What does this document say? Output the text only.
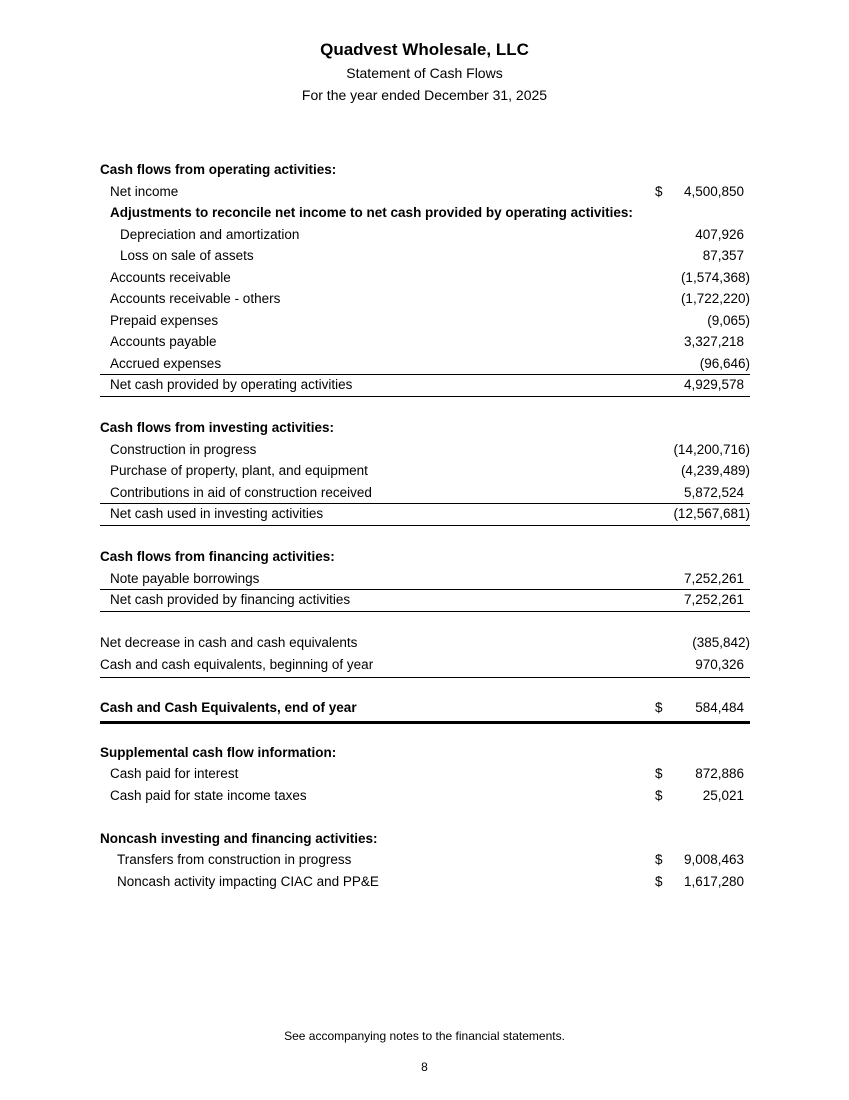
Quadvest Wholesale, LLC
Statement of Cash Flows
For the year ended December 31, 2025
Cash flows from operating activities:
Net income	$ 4,500,850
Adjustments to reconcile net income to net cash provided by operating activities:
Depreciation and amortization	407,926
Loss on sale of assets	87,357
Accounts receivable	(1,574,368)
Accounts receivable - others	(1,722,220)
Prepaid expenses	(9,065)
Accounts payable	3,327,218
Accrued expenses	(96,646)
Net cash provided by operating activities	4,929,578
Cash flows from investing activities:
Construction in progress	(14,200,716)
Purchase of property, plant, and equipment	(4,239,489)
Contributions in aid of construction received	5,872,524
Net cash used in investing activities	(12,567,681)
Cash flows from financing activities:
Note payable borrowings	7,252,261
Net cash provided by financing activities	7,252,261
Net decrease in cash and cash equivalents	(385,842)
Cash and cash equivalents, beginning of year	970,326
Cash and Cash Equivalents, end of year	$ 584,484
Supplemental cash flow information:
Cash paid for interest	$ 872,886
Cash paid for state income taxes	$	25,021
Noncash investing and financing activities:
Transfers from construction in progress	$ 9,008,463
Noncash activity impacting CIAC and PP&E	$ 1,617,280
See accompanying notes to the financial statements.
8
